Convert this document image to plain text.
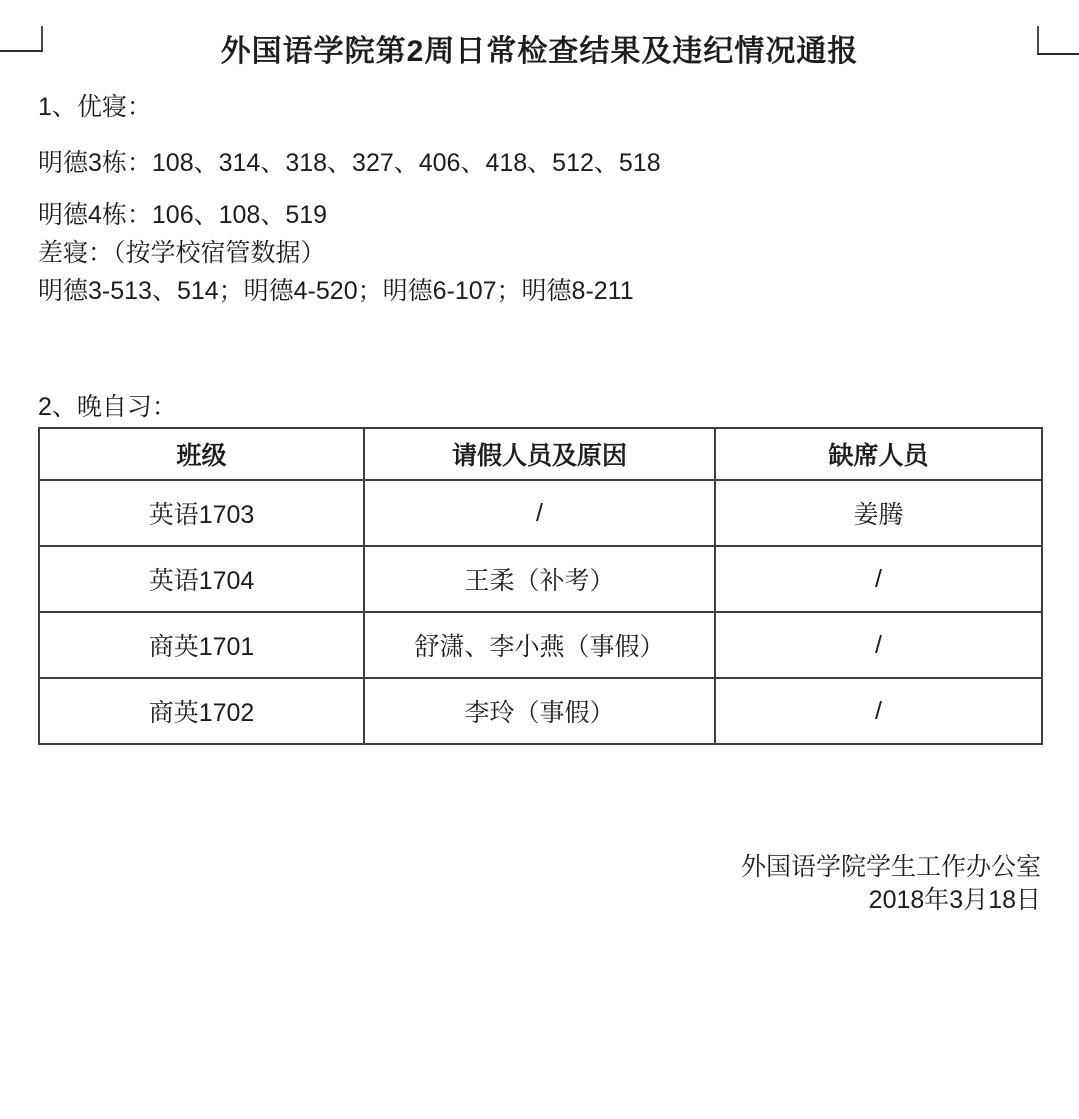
外国语学院第2周日常检查结果及违纪情况通报
1、优寝：
明德3栋：108、314、318、327、406、418、512、518
明德4栋：106、108、519
差寝：（按学校宿管数据）
明德3-513、514；明德4-520；明德6-107；明德8-211
2、晚自习：
班级	请假人员及原因	缺席人员
英语1703	/	姜腾
英语1704	王柔（补考）	/
商英1701	舒潇、李小燕（事假）	/
商英1702	李玲（事假）	/
外国语学院学生工作办公室
2018年3月18日
